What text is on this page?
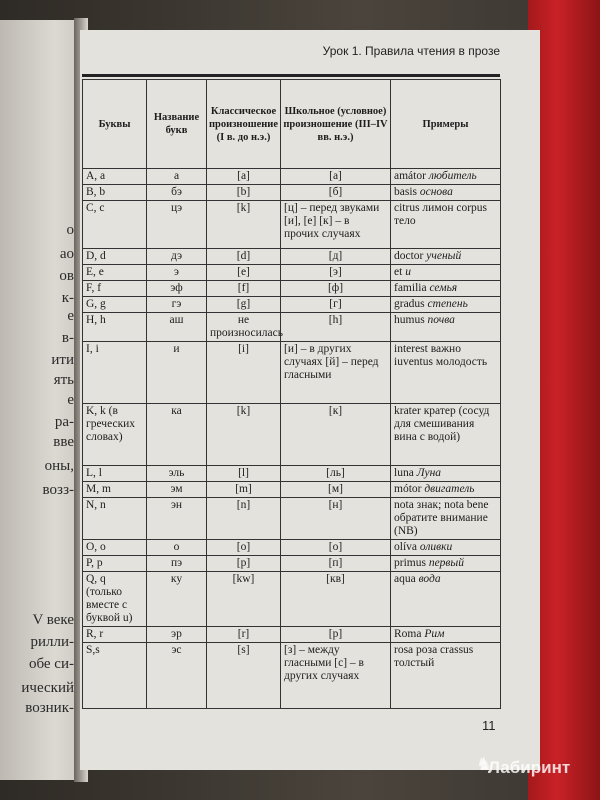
о
ао
ов
к-
е
в-
ити
ять
е
ра-
вве
оны,
возз-
V веке
рилли-
обе си-
ический
возник-
Урок 1. Правила чтения в прозе
Буквы	Название букв	Классическое произношение (I в. до н.э.)	Школьное (условное) произношение (III–IV вв. н.э.)	Примеры
A, a	а	[а]	[а]	amátor любитель
B, b	бэ	[b]	[б]	basis основа
C, c	цэ	[k]	[ц] – перед звуками [и], [е] [к] – в прочих случаях	citrus лимон corpus тело
D, d	дэ	[d]	[д]	doctor ученый
E, e	э	[e]	[э]	et и
F, f	эф	[f]	[ф]	familia семья
G, g	гэ	[g]	[г]	gradus степень
H, h	аш	не произносилась	[h]	humus почва
I, i	и	[i]	[и] – в других случаях [й] – перед гласными	interest важно iuventus молодость
K, k (в греческих словах)	ка	[k]	[к]	krater кратер (сосуд для смешивания вина с водой)
L, l	эль	[l]	[ль]	luna Луна
M, m	эм	[m]	[м]	mótor двигатель
N, n	эн	[n]	[н]	nota знак; nota bene обратите внимание (NB)
O, o	о	[o]	[о]	olíva оливки
P, p	пэ	[p]	[п]	primus первый
Q, q (только вместе с буквой u)	ку	[kw]	[кв]	aqua вода
R, r	эр	[r]	[р]	Roma Рим
S,s	эс	[s]	[з] – между гласными [с] – в других случаях	rosa роза crassus толстый
11
♞
Лабиринт
